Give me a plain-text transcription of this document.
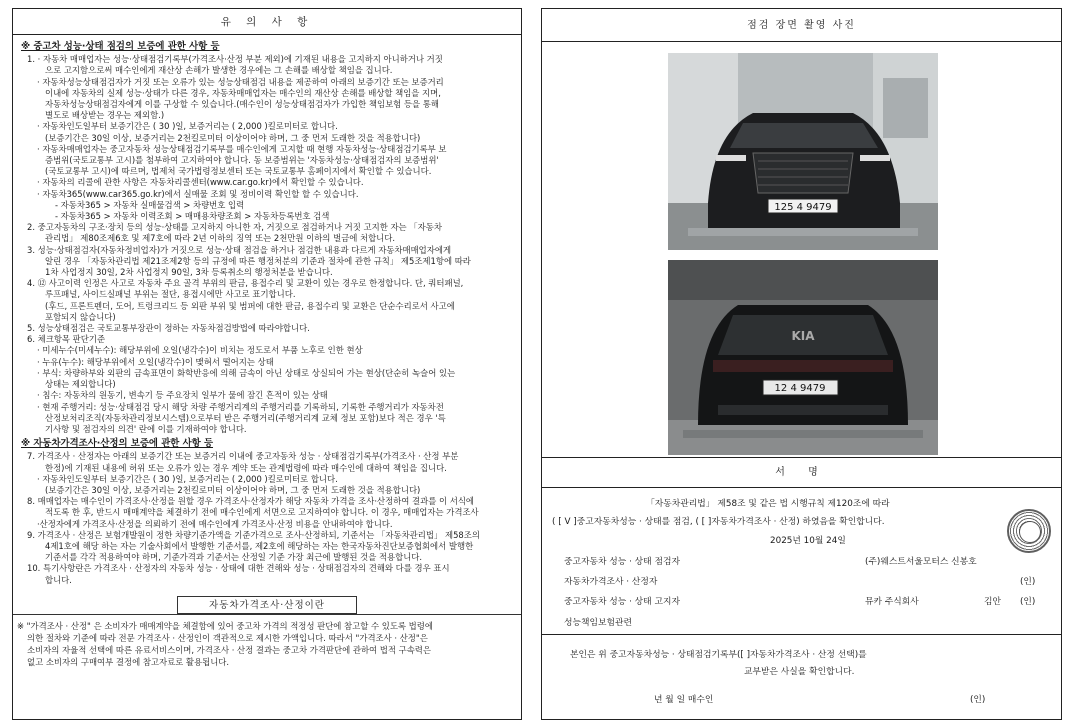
유 의 사 항
※ 중고차 성능·상태 점검의 보증에 관한 사항 등
1. · 자동차 매매업자는 성능·상태점검기록부(가격조사·산정 부분 제외)에 기재된 내용을 고지하지 아니하거나 거짓
으로 고지함으로써 매수인에게 재산상 손해가 발생한 경우에는 그 손해를 배상할 책임을 집니다.
· 자동차성능상태점검자가 거짓 또는 오류가 있는 성능상태점검 내용을 제공하여 아래의 보증기간 또는 보증거리
이내에 자동차의 실제 성능·상태가 다른 경우, 자동차매매업자는 매수인의 재산상 손해를 배상할 책임을 지며,
자동차성능상태점검자에게 이를 구상할 수 있습니다.(매수인이 성능상태점검자가 가입한 책임보험 등을 통해
별도로 배상받는 경우는 제외함.)
· 자동차인도일부터 보증기간은 ( 30 )일, 보증거리는 ( 2,000 )킬로미터로 합니다.
(보증기간은 30일 이상, 보증거리는 2천킬로미터 이상이어야 하며, 그 중 먼저 도래한 것을 적용합니다)
· 자동차매매업자는 중고자동차 성능상태점검기록부를 매수인에게 고지할 때 현행 자동차성능·상태점검기록부 보
증범위(국토교통부 고시)를 첨부하여 고지하여야 합니다. 동 보증범위는 '자동차성능·상태점검자의 보증범위'
(국토교통부 고시)에 따르며, 법제처 국가법령정보센터 또는 국토교통부 홈페이지에서 확인할 수 있습니다.
· 자동차의 리콜에 관한 사항은 자동차리콜센터(www.car.go.kr)에서 확인할 수 있습니다.
· 자동차365(www.car365.go.kr)에서 실매물 조회 및 정비이력 확인할 할 수 있습니다.
- 자동차365 > 자동차 실매물검색 > 차량번호 입력
- 자동차365 > 자동차 이력조회 > 매매용차량조회 > 자동차등록번호 검색
2. 중고자동차의 구조·장치 등의 성능·상태를 고지하지 아니한 자, 거짓으로 점검하거나 거짓 고지한 자는 「자동차
관리법」 제80조제6호 및 제7호에 따라 2년 이하의 징역 또는 2천만원 이하의 벌금에 처합니다.
3. 성능·상태점검자(자동차정비업자)가 거짓으로 성능·상태 점검을 하거나 점검한 내용과 다르게 자동차매매업자에게
알린 경우 「자동차관리법 제21조제2항 등의 규정에 따른 행정처분의 기준과 절차에 관한 규칙」 제5조제1항에 따라
1차 사업정지 30일, 2차 사업정지 90일, 3차 등록취소의 행정처분을 받습니다.
4. ⑫ 사고이력 인정은 사고로 자동차 주요 골격 부위의 판금, 용접수리 및 교환이 있는 경우로 한정합니다. 단, 쿼터패널,
루프패널, 사이드실패널 부위는 절단, 용접시에만 사고로 표기합니다.
(후드, 프론트펜더, 도어, 트렁크리드 등 외판 부위 및 범퍼에 대한 판금, 용접수리 및 교환은 단순수리로서 사고에
포함되지 않습니다)
5. 성능상태점검은 국토교통부장관이 정하는 자동차점검방법에 따라야합니다.
6. 체크항목 판단기준
· 미세누수(미세누수): 해당부위에 오일(냉각수)이 비치는 정도로서 부품 노후로 인한 현상
· 누유(누수): 해당부위에서 오일(냉각수)이 맺혀서 떨어지는 상태
· 부식: 차량하부와 외판의 금속표면이 화학반응에 의해 금속이 아닌 상태로 상실되어 가는 현상(단순히 녹슬어 있는
상태는 제외합니다)
· 침수: 자동차의 원동기, 변속기 등 주요장치 일부가 물에 잠긴 흔적이 있는 상태
· 현재 주행거리: 성능·상태점검 당시 해당 차량 주행거리계의 주행거리를 기록하되, 기록한 주행거리가 자동차전
산정보처리조직(자동차관리정보시스템)으로부터 받은 주행거리(주행거리계 교체 정보 포함)보다 적은 경우 '특
기사항 및 점검자의 의견' 란에 이를 기재하여야 합니다.
※ 자동차가격조사·산정의 보증에 관한 사항 등
7. 가격조사 · 산정자는 아래의 보증기간 또는 보증거리 이내에 중고자동차 성능 · 상태점검기록부(가격조사 · 산정 부분
한정)에 기재된 내용에 허위 또는 오류가 있는 경우 계약 또는 관계법령에 따라 매수인에 대하여 책임을 집니다.
· 자동차인도일부터 보증기간은 ( 30 )일, 보증거리는 ( 2,000 )킬로미터로 합니다.
(보증기간은 30일 이상, 보증거리는 2천킬로미터 이상이어야 하며, 그 중 먼저 도래한 것을 적용합니다)
8. 매매업자는 매수인이 가격조사·산정을 원할 경우 가격조사·산정자가 해당 자동차 가격을 조사·산정하여 결과를 이 서식에
적도록 한 후, 반드시 매매계약을 체결하기 전에 매수인에게 서면으로 고지하여야 합니다. 이 경우, 매매업자는 가격조사
·산정자에게 가격조사·산정을 의뢰하기 전에 매수인에게 가격조사·산정 비용을 안내하여야 합니다.
9. 가격조사 · 산정은 보험개발원이 정한 차량기준가액을 기준가격으로 조사·산정하되, 기준서는 「자동차관리법」 제58조의
4제1호에 해당 하는 자는 기술사회에서 발행한 기준서를, 제2호에 해당하는 자는 한국자동차진단보증협회에서 발행한
기준서를 각각 적용하여야 하며, 기준가격과 기준서는 산정일 기준 가장 최근에 발행된 것을 적용합니다.
10. 특기사항란은 가격조사 · 산정자의 자동차 성능 · 상태에 대한 견해와 성능 · 상태점검자의 견해와 다를 경우 표시
합니다.
자동차가격조사·산정이란
※ "가격조사 · 산정" 은 소비자가 매매계약을 체결함에 있어 중고차 가격의 적정성 판단에 참고할 수 있도록 법령에
의한 절차와 기준에 따라 전문 가격조사 · 산정인이 객관적으로 제시한 가액입니다. 따라서 "가격조사 · 산정"은
소비자의 자율적 선택에 따른 유료서비스이며, 가격조사 · 산정 결과는 중고차 가격판단에 관하여 법적 구속력은
없고 소비자의 구매여부 결정에 참고자료로 활용됩니다.
점검 장면 촬영 사진
125 4 9479
KIA
12 4 9479
서 명
「자동차관리법」 제58조 및 같은 법 시행규칙 제120조에 따라
( [ V ]중고자동차성능 · 상태를 점검, ( [ ]자동차가격조사 · 산정) 하였음을 확인합니다.
2025년 10월 24일
중고자동차 성능 · 상태 점검자	(주)웨스트서울모터스 신봉호
자동차가격조사 · 산정자	(인)
중고자동차 성능 · 상태 고지자	뮤카 주식회사	김안 (인)
성능책임보험관련
본인은 위 중고자동차성능 · 상태점검기록부([ ]자동차가격조사 · 산정 선택)를
교부받은 사실을 확인합니다.
년 월 일 매수인	(인)
